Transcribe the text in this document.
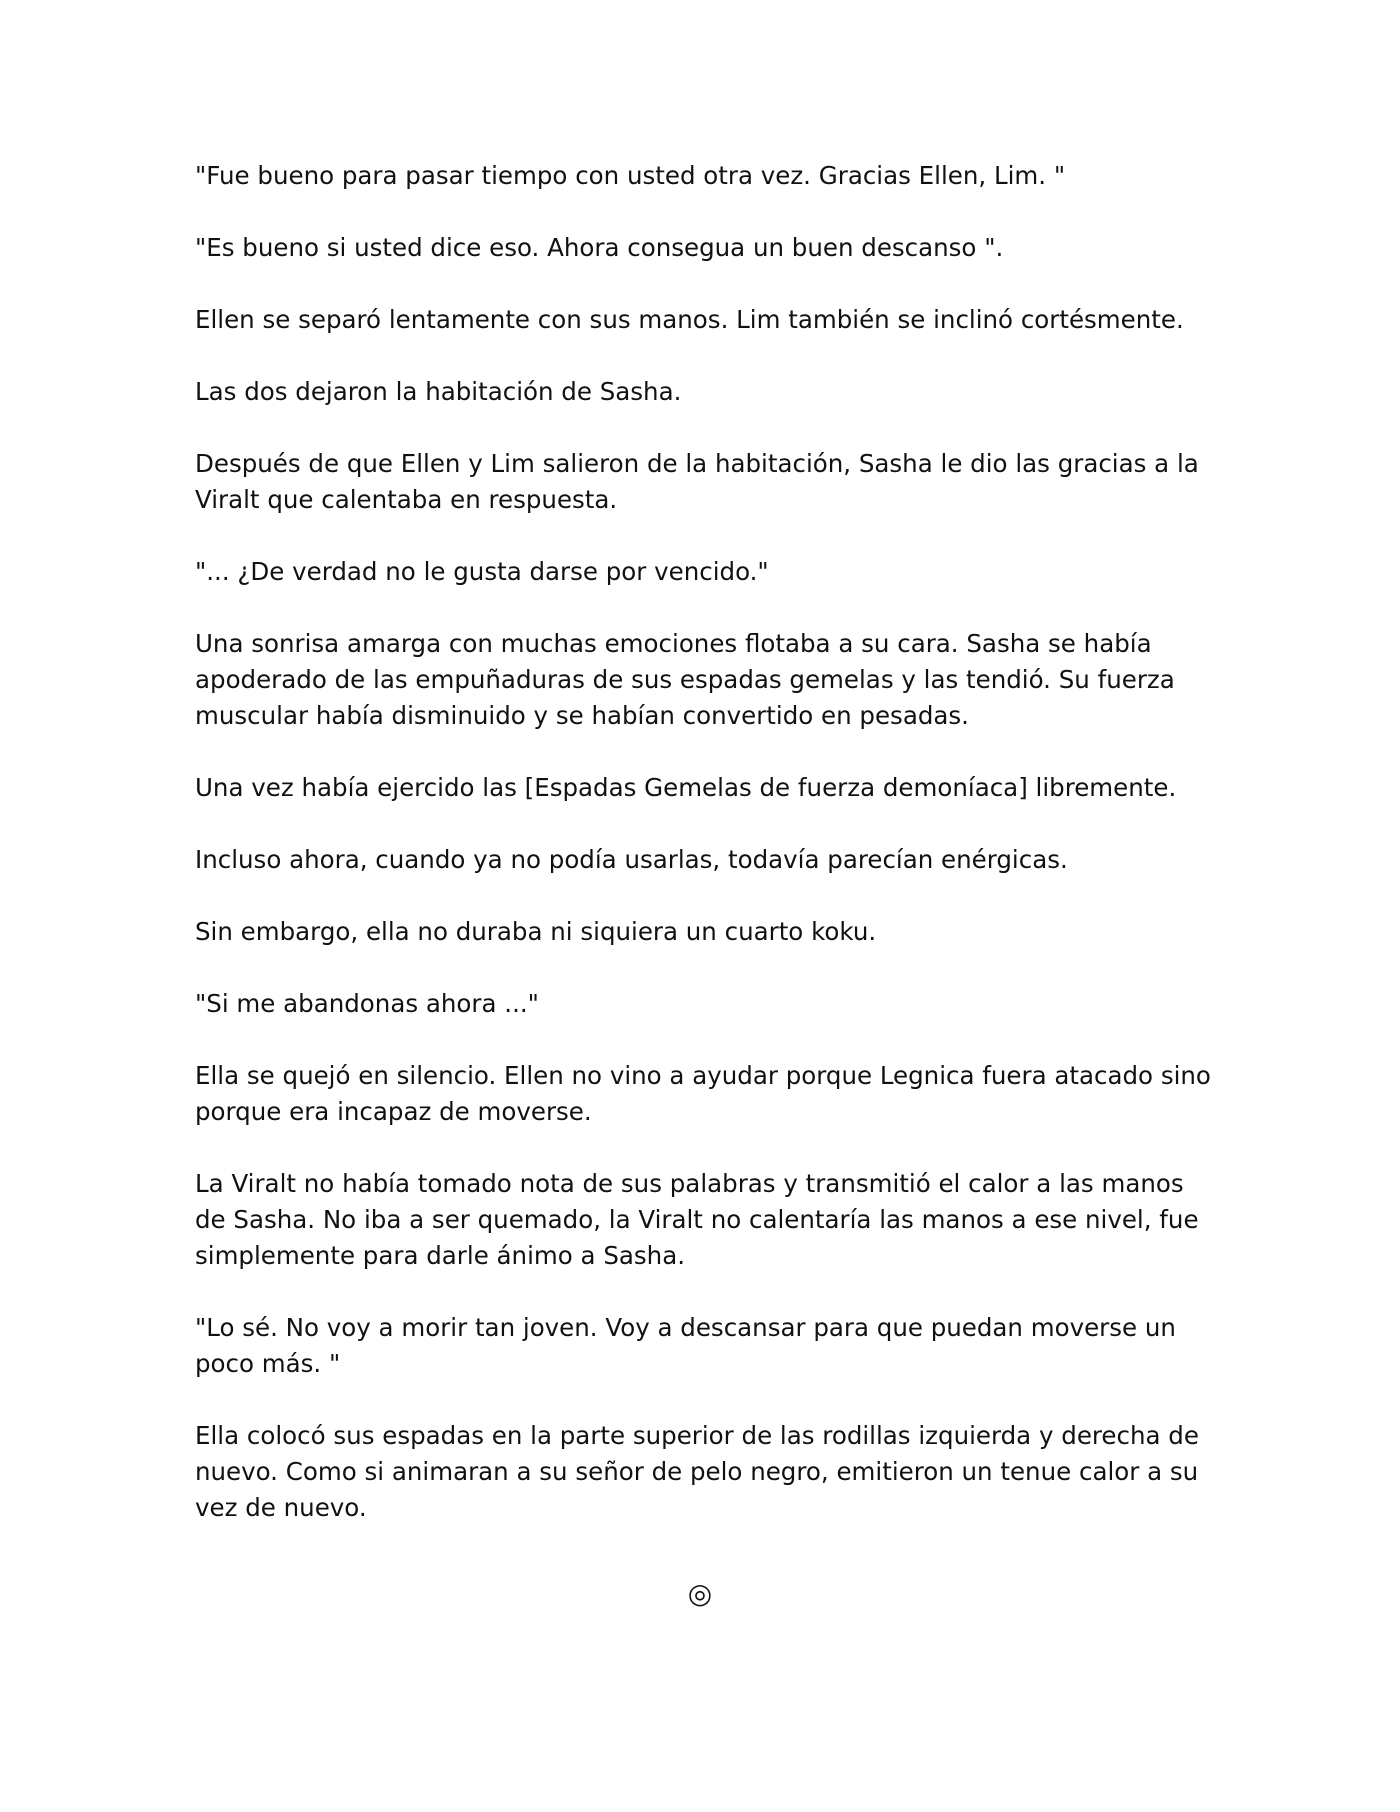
"Fue bueno para pasar tiempo con usted otra vez. Gracias Ellen, Lim. "

"Es bueno si usted dice eso. Ahora consegua un buen descanso ".

Ellen se separó lentamente con sus manos. Lim también se inclinó cortésmente.

Las dos dejaron la habitación de Sasha.

Después de que Ellen y Lim salieron de la habitación, Sasha le dio las gracias a la Viralt que calentaba en respuesta.

"... ¿De verdad no le gusta darse por vencido."

Una sonrisa amarga con muchas emociones flotaba a su cara. Sasha se había apoderado de las empuñaduras de sus espadas gemelas y las tendió. Su fuerza muscular había disminuido y se habían convertido en pesadas.

Una vez había ejercido las [Espadas Gemelas de fuerza demoníaca] libremente.

Incluso ahora, cuando ya no podía usarlas, todavía parecían enérgicas.

Sin embargo, ella no duraba ni siquiera un cuarto koku.

"Si me abandonas ahora ..."

Ella se quejó en silencio. Ellen no vino a ayudar porque Legnica fuera atacado sino porque era incapaz de moverse.

La Viralt no había tomado nota de sus palabras y transmitió el calor a las manos de Sasha. No iba a ser quemado, la Viralt no calentaría las manos a ese nivel, fue simplemente para darle ánimo a Sasha.

"Lo sé. No voy a morir tan joven. Voy a descansar para que puedan moverse un poco más. "

Ella colocó sus espadas en la parte superior de las rodillas izquierda y derecha de nuevo. Como si animaran a su señor de pelo negro, emitieron un tenue calor a su vez de nuevo.

◎
